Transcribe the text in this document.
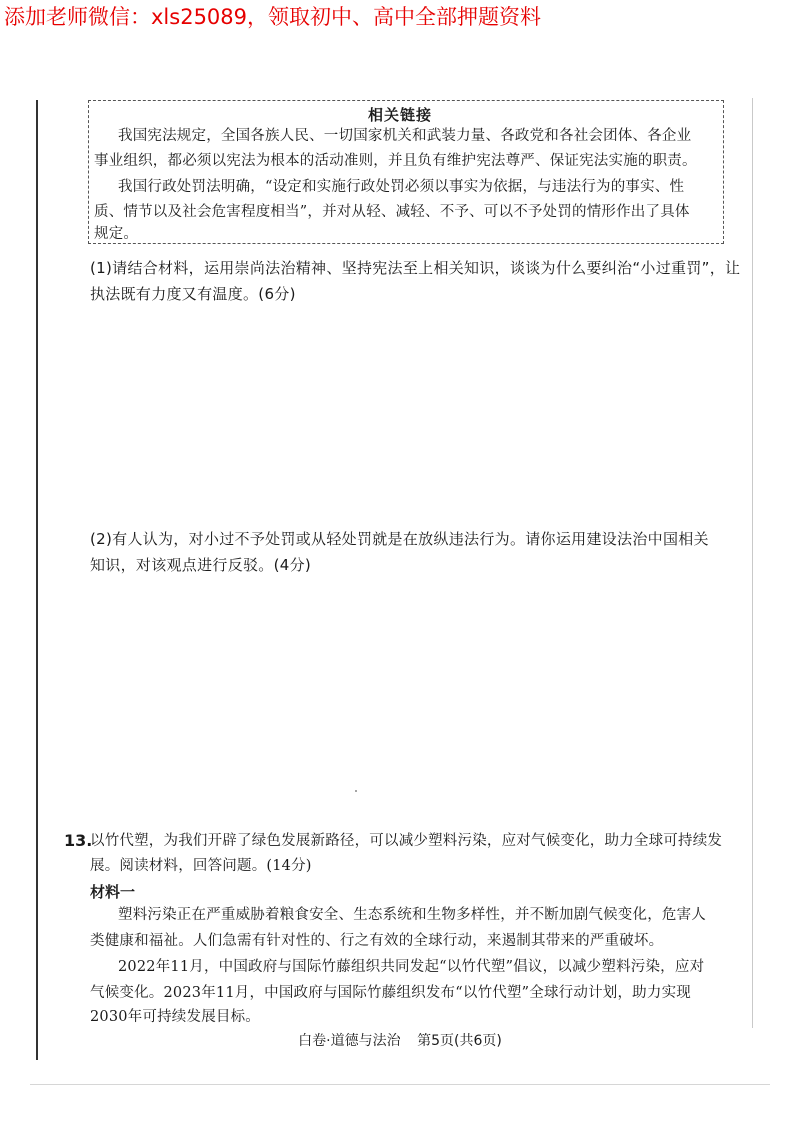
添加老师微信：xls25089，领取初中、高中全部押题资料
相关链接
我国宪法规定，全国各族人民、一切国家机关和武装力量、各政党和各社会团体、各企业
事业组织，都必须以宪法为根本的活动准则，并且负有维护宪法尊严、保证宪法实施的职责。
我国行政处罚法明确，“设定和实施行政处罚必须以事实为依据，与违法行为的事实、性
质、情节以及社会危害程度相当”，并对从轻、减轻、不予、可以不予处罚的情形作出了具体
规定。
(1)请结合材料，运用崇尚法治精神、坚持宪法至上相关知识，谈谈为什么要纠治“小过重罚”，让
执法既有力度又有温度。(6分)
(2)有人认为，对小过不予处罚或从轻处罚就是在放纵违法行为。请你运用建设法治中国相关
知识，对该观点进行反驳。(4分)
13.
以竹代塑，为我们开辟了绿色发展新路径，可以减少塑料污染，应对气候变化，助力全球可持续发
展。阅读材料，回答问题。(14分)
材料一
塑料污染正在严重威胁着粮食安全、生态系统和生物多样性，并不断加剧气候变化，危害人
类健康和福祉。人们急需有针对性的、行之有效的全球行动，来遏制其带来的严重破坏。
2022年11月，中国政府与国际竹藤组织共同发起“以竹代塑”倡议，以减少塑料污染，应对
气候变化。2023年11月，中国政府与国际竹藤组织发布“以竹代塑”全球行动计划，助力实现
2030年可持续发展目标。
白卷·道德与法治 第5页(共6页)
